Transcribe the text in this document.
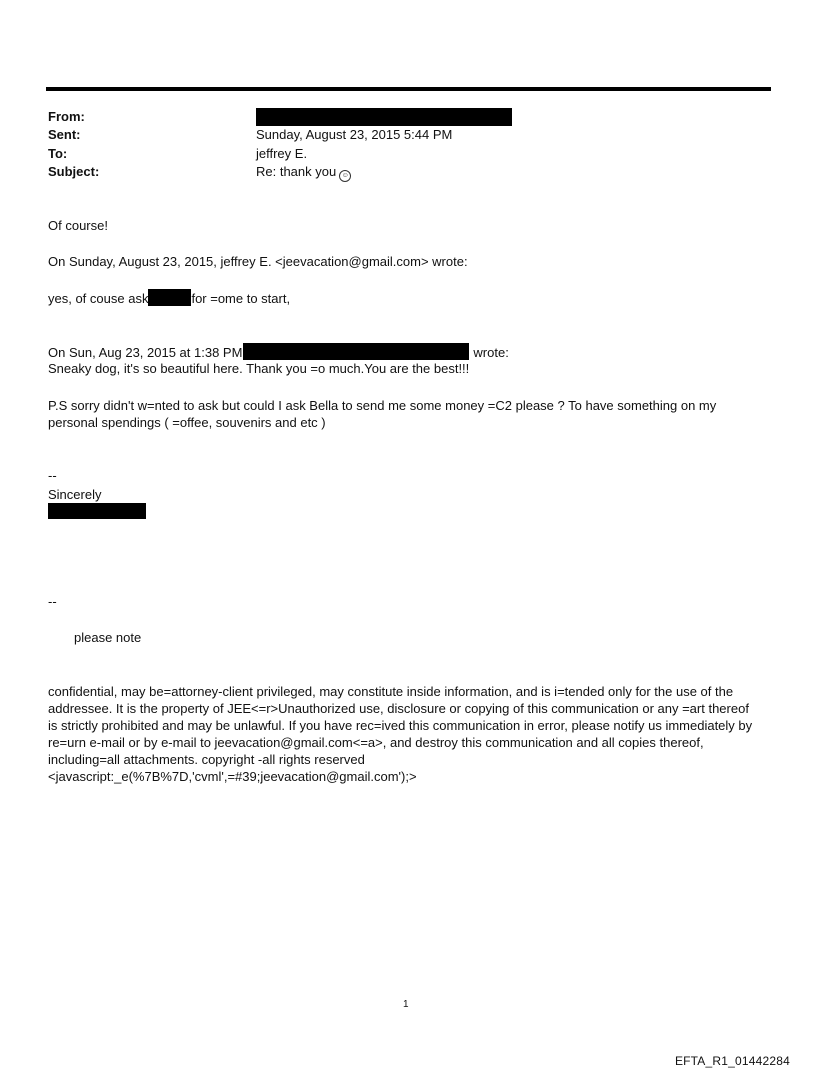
From:
Sent:	Sunday, August 23, 2015 5:44 PM
To:	jeffrey E.
Subject:	Re: thank you ☺
Of course!
On Sunday, August 23, 2015, jeffrey E. <jeevacation@gmail.com> wrote:
yes, of couse ask	for =ome to start,
On Sun, Aug 23, 2015 at 1:38 PM	wrote:
Sneaky dog, it's so beautiful here. Thank you =o much.You are the best!!!
P.S sorry didn't w=nted to ask but could I ask Bella to send me some money =C2 please ? To have something on my personal spendings ( =offee, souvenirs and etc )
--
Sincerely
--
please note
confidential, may be=attorney-client privileged, may constitute inside information, and is i=tended only for the use of the addressee. It is the property of JEE<=r>Unauthorized use, disclosure or copying of this communication or any =art thereof is strictly prohibited and may be unlawful. If you have rec=ived this communication in error, please notify us immediately by re=urn e-mail or by e-mail to jeevacation@gmail.com<=a>, and destroy this communication and all copies thereof, including=all attachments. copyright -all rights reserved
<javascript:_e(%7B%7D,'cvml',=#39;jeevacation@gmail.com');>
1
EFTA_R1_01442284
